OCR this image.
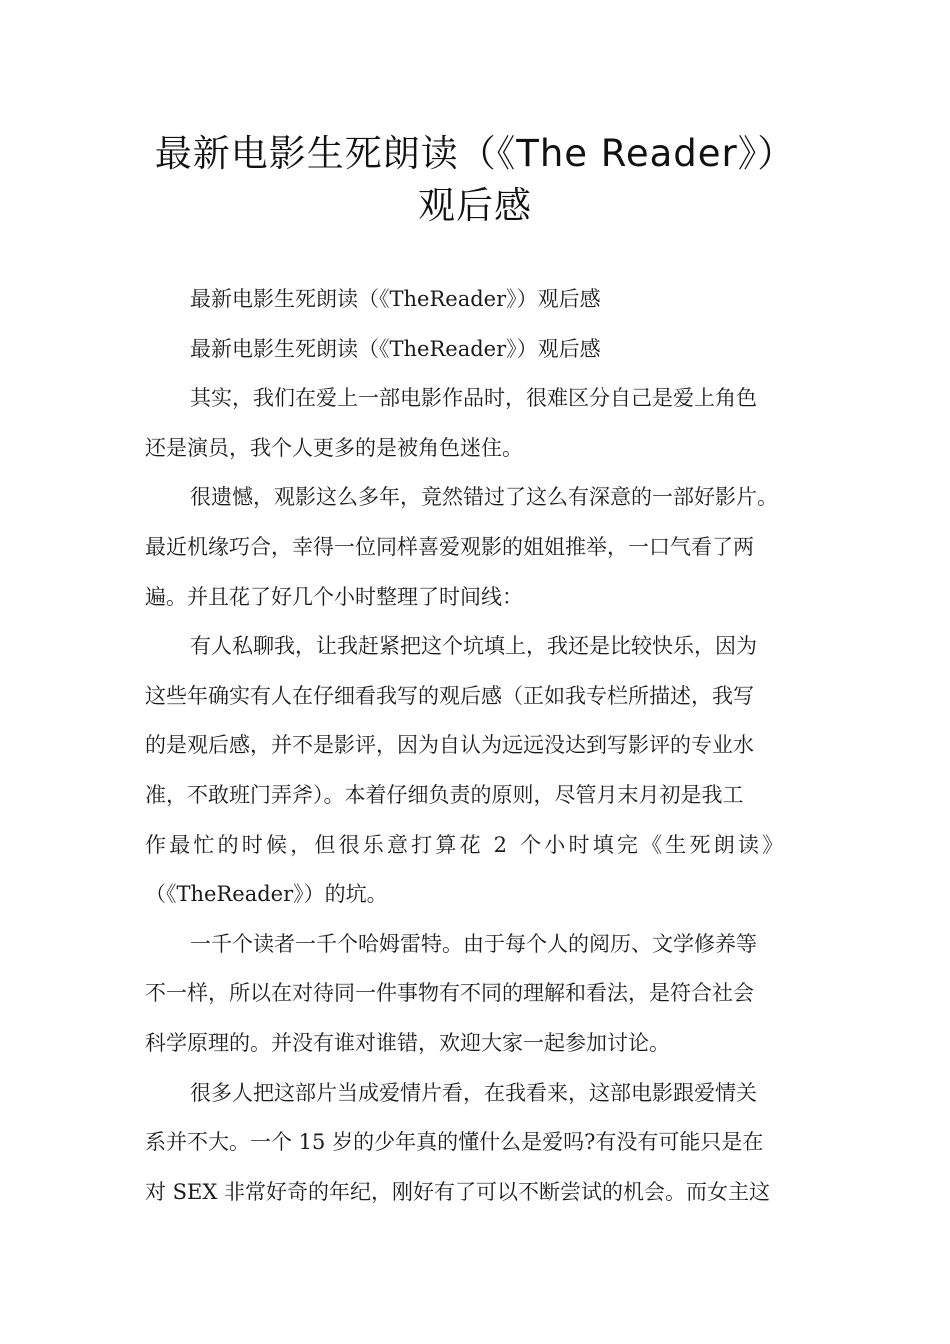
最新电影生死朗读（《The Reader》）
观后感
最新电影生死朗读（《TheReader》）观后感
最新电影生死朗读（《TheReader》）观后感
其实，我们在爱上一部电影作品时，很难区分自己是爱上角色
还是演员，我个人更多的是被角色迷住。
很遗憾，观影这么多年，竟然错过了这么有深意的一部好影片。
最近机缘巧合，幸得一位同样喜爱观影的姐姐推举，一口气看了两
遍。并且花了好几个小时整理了时间线：
有人私聊我，让我赶紧把这个坑填上，我还是比较快乐，因为
这些年确实有人在仔细看我写的观后感（正如我专栏所描述，我写
的是观后感，并不是影评，因为自认为远远没达到写影评的专业水
准，不敢班门弄斧）。本着仔细负责的原则，尽管月末月初是我工
作最忙的时候，但很乐意打算花 2 个小时填完《生死朗读》
（《TheReader》）的坑。
一千个读者一千个哈姆雷特。由于每个人的阅历、文学修养等
不一样，所以在对待同一件事物有不同的理解和看法，是符合社会
科学原理的。并没有谁对谁错，欢迎大家一起参加讨论。
很多人把这部片当成爱情片看，在我看来，这部电影跟爱情关
系并不大。一个 15 岁的少年真的懂什么是爱吗?有没有可能只是在
对 SEX 非常好奇的年纪，刚好有了可以不断尝试的机会。而女主这
